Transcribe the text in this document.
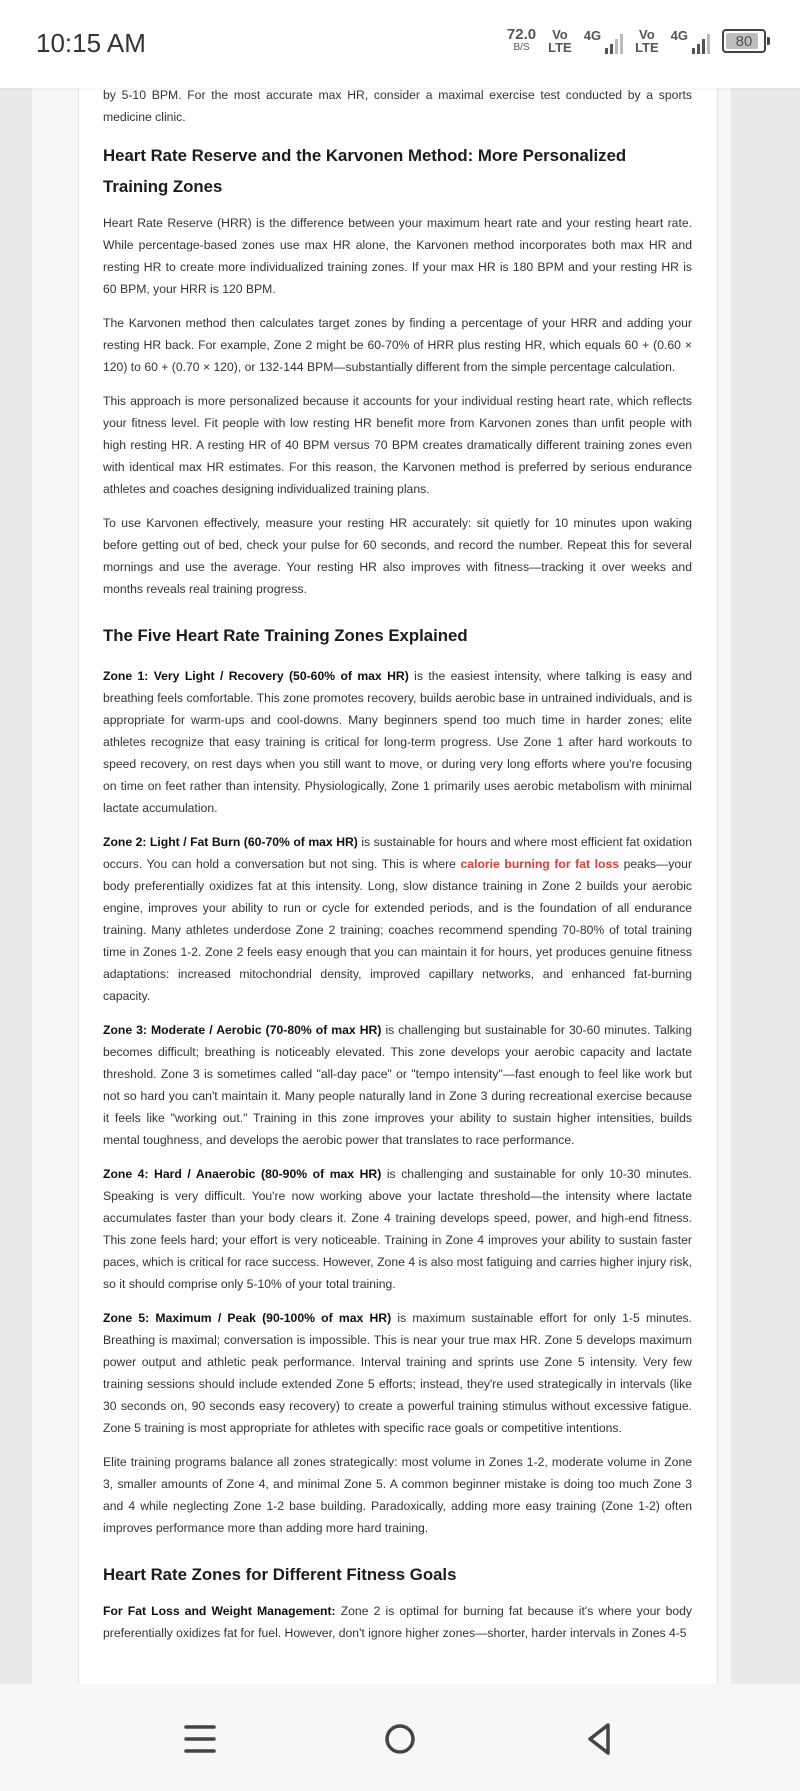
10:15 AM	72.0
B/S
Vo
LTE
4G	Vo
LTE
4G	80

by 5-10 BPM. For the most accurate max HR, consider a maximal exercise test conducted by a sports medicine clinic.

Heart Rate Reserve and the Karvonen Method: More Personalized Training Zones

Heart Rate Reserve (HRR) is the difference between your maximum heart rate and your resting heart rate. While percentage-based zones use max HR alone, the Karvonen method incorporates both max HR and resting HR to create more individualized training zones. If your max HR is 180 BPM and your resting HR is 60 BPM, your HRR is 120 BPM.

The Karvonen method then calculates target zones by finding a percentage of your HRR and adding your resting HR back. For example, Zone 2 might be 60-70% of HRR plus resting HR, which equals 60 + (0.60 × 120) to 60 + (0.70 × 120), or 132-144 BPM—substantially different from the simple percentage calculation.

This approach is more personalized because it accounts for your individual resting heart rate, which reflects your fitness level. Fit people with low resting HR benefit more from Karvonen zones than unfit people with high resting HR. A resting HR of 40 BPM versus 70 BPM creates dramatically different training zones even with identical max HR estimates. For this reason, the Karvonen method is preferred by serious endurance athletes and coaches designing individualized training plans.

To use Karvonen effectively, measure your resting HR accurately: sit quietly for 10 minutes upon waking before getting out of bed, check your pulse for 60 seconds, and record the number. Repeat this for several mornings and use the average. Your resting HR also improves with fitness—tracking it over weeks and months reveals real training progress.

The Five Heart Rate Training Zones Explained

Zone 1: Very Light / Recovery (50-60% of max HR) is the easiest intensity, where talking is easy and breathing feels comfortable. This zone promotes recovery, builds aerobic base in untrained individuals, and is appropriate for warm-ups and cool-downs. Many beginners spend too much time in harder zones; elite athletes recognize that easy training is critical for long-term progress. Use Zone 1 after hard workouts to speed recovery, on rest days when you still want to move, or during very long efforts where you're focusing on time on feet rather than intensity. Physiologically, Zone 1 primarily uses aerobic metabolism with minimal lactate accumulation.

Zone 2: Light / Fat Burn (60-70% of max HR) is sustainable for hours and where most efficient fat oxidation occurs. You can hold a conversation but not sing. This is where calorie burning for fat loss peaks—your body preferentially oxidizes fat at this intensity. Long, slow distance training in Zone 2 builds your aerobic engine, improves your ability to run or cycle for extended periods, and is the foundation of all endurance training. Many athletes underdose Zone 2 training; coaches recommend spending 70-80% of total training time in Zones 1-2. Zone 2 feels easy enough that you can maintain it for hours, yet produces genuine fitness adaptations: increased mitochondrial density, improved capillary networks, and enhanced fat-burning capacity.

Zone 3: Moderate / Aerobic (70-80% of max HR) is challenging but sustainable for 30-60 minutes. Talking becomes difficult; breathing is noticeably elevated. This zone develops your aerobic capacity and lactate threshold. Zone 3 is sometimes called "all-day pace" or "tempo intensity"—fast enough to feel like work but not so hard you can't maintain it. Many people naturally land in Zone 3 during recreational exercise because it feels like "working out." Training in this zone improves your ability to sustain higher intensities, builds mental toughness, and develops the aerobic power that translates to race performance.

Zone 4: Hard / Anaerobic (80-90% of max HR) is challenging and sustainable for only 10-30 minutes. Speaking is very difficult. You're now working above your lactate threshold—the intensity where lactate accumulates faster than your body clears it. Zone 4 training develops speed, power, and high-end fitness. This zone feels hard; your effort is very noticeable. Training in Zone 4 improves your ability to sustain faster paces, which is critical for race success. However, Zone 4 is also most fatiguing and carries higher injury risk, so it should comprise only 5-10% of your total training.

Zone 5: Maximum / Peak (90-100% of max HR) is maximum sustainable effort for only 1-5 minutes. Breathing is maximal; conversation is impossible. This is near your true max HR. Zone 5 develops maximum power output and athletic peak performance. Interval training and sprints use Zone 5 intensity. Very few training sessions should include extended Zone 5 efforts; instead, they're used strategically in intervals (like 30 seconds on, 90 seconds easy recovery) to create a powerful training stimulus without excessive fatigue. Zone 5 training is most appropriate for athletes with specific race goals or competitive intentions.

Elite training programs balance all zones strategically: most volume in Zones 1-2, moderate volume in Zone 3, smaller amounts of Zone 4, and minimal Zone 5. A common beginner mistake is doing too much Zone 3 and 4 while neglecting Zone 1-2 base building. Paradoxically, adding more easy training (Zone 1-2) often improves performance more than adding more hard training.

Heart Rate Zones for Different Fitness Goals

For Fat Loss and Weight Management: Zone 2 is optimal for burning fat because it's where your body preferentially oxidizes fat for fuel. However, don't ignore higher zones—shorter, harder intervals in Zones 4-5
